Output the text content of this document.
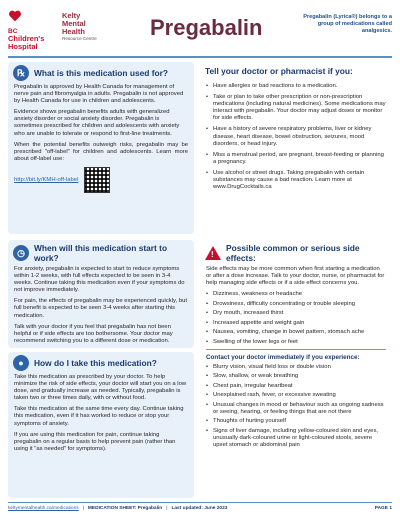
BC
Children's
Hospital
Kelty
Mental
Health
Resource Centre	Pregabalin	Pregabalin (Lyrica®) belongs to a group of medications called analgesics.
℞	What is this medication used for?

Pregabalin is approved by Health Canada for management of nerve pain and fibromyalgia in adults. Pregabalin is not approved by Health Canada for use in children and adolescents.

Evidence shows pregabalin benefits adults with generalized anxiety disorder or social anxiety disorder. Pregabalin is sometimes prescribed for children and adolescents with anxiety who are unable to tolerate or respond to first-line treatments.

When the potential benefits outweigh risks, pregabalin may be prescribed "off-label" for children and adolescents. Learn more about off-label use:

http://bit.ly/KMH-off-label
Tell your doctor or pharmacist if you:
• Have allergies or bad reactions to a medication.
• Take or plan to take other prescription or non-prescription medications (including natural medicines). Some medications may interact with pregabalin. Your doctor may adjust doses or monitor for side effects.
• Have a history of severe respiratory problems, liver or kidney disease, heart disease, bowel obstruction, seizures, mood disorders, or head injury.
• Miss a menstrual period, are pregnant, breast-feeding or planning a pregnancy.
• Use alcohol or street drugs. Taking pregabalin with certain substances may cause a bad reaction. Learn more at www.DrugCocktails.ca
◷	When will this medication start to work?

For anxiety, pregabalin is expected to start to reduce symptoms within 1-2 weeks, with full effects expected to be seen in 3-4 weeks. Continue taking this medication even if your symptoms do not improve immediately.

For pain, the effects of pregabalin may be experienced quickly, but full benefit is expected to be seen 3-4 weeks after starting this medication.

Talk with your doctor if you feel that pregabalin has not been helpful or if side effects are too bothersome. Your doctor may recommend switching you to a different dose or medication.

●	How do I take this medication?

Take this medication as prescribed by your doctor. To help minimize the risk of side effects, your doctor will start you on a low dose, and gradually increase as needed. Typically, pregabalin is taken two or three times daily, with or without food.

Take this medication at the same time every day. Continue taking this medication, even if it has worked to reduce or stop your symptoms of anxiety.

If you are using this medication for pain, continue taking pregabalin on a regular basis to help prevent pain (rather than using it "as needed" for symptoms).

!
Possible common or serious side effects:

Side effects may be more common when first starting a medication or after a dose increase. Talk to your doctor, nurse, or pharmacist for help managing side effects or if a side effect concerns you.

• Dizziness, weakness or headache
• Drowsiness, difficulty concentrating or trouble sleeping
• Dry mouth, increased thirst
• Increased appetite and weight gain
• Nausea, vomiting, change in bowel pattern, stomach ache
• Swelling of the lower legs or feet
Contact your doctor immediately if you experience:
• Blurry vision, visual field loss or double vision
• Slow, shallow, or weak breathing
• Chest pain, irregular heartbeat
• Unexplained rash, fever, or excessive sweating
• Unusual changes in mood or behaviour such as ongoing sadness or seeing, hearing, or feeling things that are not there
• Thoughts of hurting yourself
• Signs of liver damage, including yellow-coloured skin and eyes, unusually dark-coloured urine or light-coloured stools, severe upset stomach or abdominal pain
keltymentalhealth.ca/medications | MEDICATION SHEET: Pregabalin | Last updated: June 2023	PAGE 1
